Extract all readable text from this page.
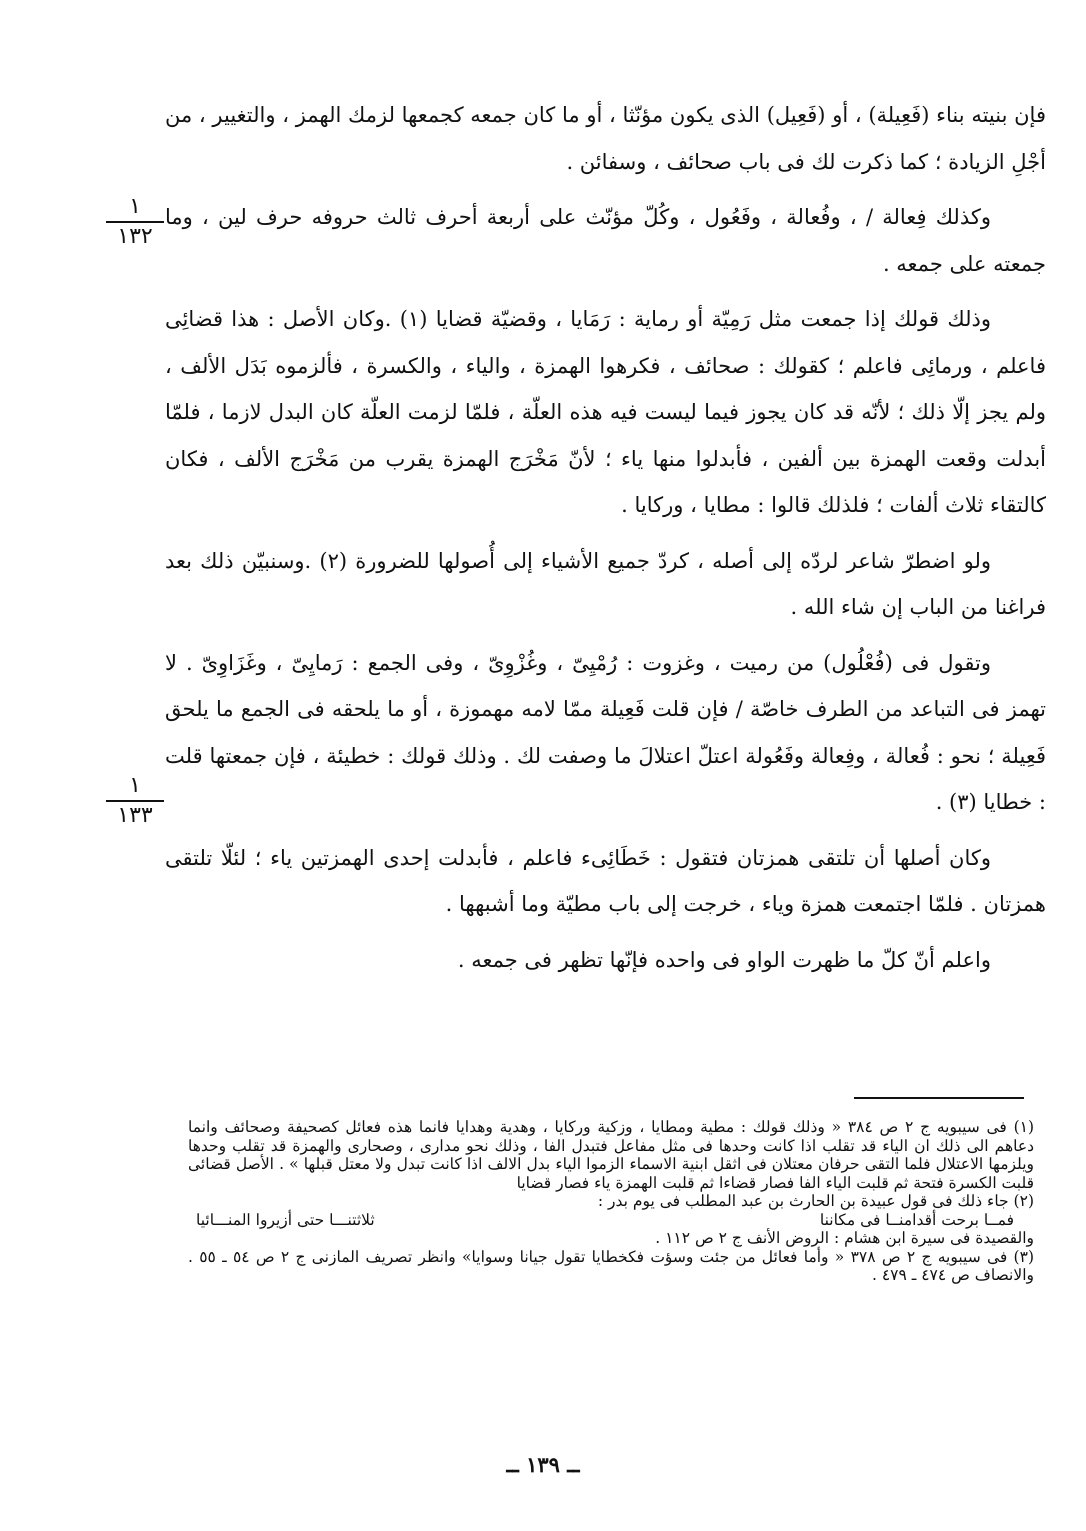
فإن بنيته بناء (فَعِيلة) ، أو (فَعِيل) الذى يكون مؤنّثا ، أو ما كان جمعه كجمعها لزمك الهمز ، والتغيير ، من أجْلِ الزيادة ؛ كما ذكرت لك فى باب صحائف ، وسفائن .

وكذلك فِعالة / ، وفُعالة ، وفَعُول ، وكُلّ مؤنّث على أربعة أحرف ثالث حروفه حرف لين ، وما جمعته على جمعه .

وذلك قولك إذا جمعت مثل رَمِيّة أو رماية : رَمَايا ، وقضيّة قضايا (١) .وكان الأصل : هذا قضائِى فاعلم ، ورمائِى فاعلم ؛ كقولك : صحائف ، فكرهوا الهمزة ، والياء ، والكسرة ، فألزموه بَدَل الألف ، ولم يجز إلّا ذلك ؛ لأنّه قد كان يجوز فيما ليست فيه هذه العلّة ، فلمّا لزمت العلّة كان البدل لازما ، فلمّا أبدلت وقعت الهمزة بين ألفين ، فأبدلوا منها ياء ؛ لأنّ مَخْرَج الهمزة يقرب من مَخْرَج الألف ، فكان كالتقاء ثلاث ألفات ؛ فلذلك قالوا : مطايا ، وركايا .

ولو اضطرّ شاعر لردّه إلى أصله ، كردّ جميع الأشياء إلى أُصولها للضرورة (٢) .وسنبيّن ذلك بعد فراغنا من الباب إن شاء الله .

وتقول فى (فُعْلُول) من رميت ، وغزوت : رُمْيِىّ ، وغُزْوِىّ ، وفى الجمع : رَمايِىّ ، وغَزَاوِىّ . لا تهمز فى التباعد من الطرف خاصّة / فإن قلت فَعِيلة ممّا لامه مهموزة ، أو ما يلحقه فى الجمع ما يلحق فَعِيلة ؛ نحو : فُعالة ، وفِعالة وفَعُولة اعتلّ اعتلالَ ما وصفت لك . وذلك قولك : خطيئة ، فإن جمعتها قلت : خطايا (٣) .

وكان أصلها أن تلتقى همزتان فتقول : خَطَائِىء فاعلم ، فأبدلت إحدى الهمزتين ياء ؛ لئلّا تلتقى همزتان . فلمّا اجتمعت همزة وياء ، خرجت إلى باب مطيّة وما أشبهها .

واعلم أنّ كلّ ما ظهرت الواو فى واحده فإنّها تظهر فى جمعه .

١
١٣٢
١
١٣٣

(١) فى سيبويه ج ٢ ص ٣٨٤ « وذلك قولك : مطية ومطايا ، وزكية وركايا ، وهدية وهدايا فانما هذه فعائل كصحيفة وصحائف وانما دعاهم الى ذلك ان الياء قد تقلب اذا كانت وحدها فى مثل مفاعل فتبدل الفا ، وذلك نحو مدارى ، وصحارى والهمزة قد تقلب وحدها ويلزمها الاعتلال فلما التقى حرفان معتلان فى اثقل ابنية الاسماء الزموا الياء بدل الالف اذا كانت تبدل ولا معتل قبلها » . الأصل قضائى قلبت الكسرة فتحة ثم قلبت الياء الفا فصار قضاءا ثم قلبت الهمزة ياء فصار قضايا

(٢) جاء ذلك فى قول عبيدة بن الحارث بن عبد المطلب فى يوم بدر :

فمــا برحت أقدامنــا فى مكاننا
ثلاثتنـــا حتى أزيروا المنـــائيا

والقصيدة فى سيرة ابن هشام : الروض الأنف ج ٢ ص ١١٢ .

(٣) فى سيبويه ج ٢ ص ٣٧٨ « وأما فعائل من جئت وسؤت فكخطايا تقول جيانا وسوايا» وانظر تصريف المازنى ج ٢ ص ٥٤ ـ ٥٥ . والانصاف ص ٤٧٤ ـ ٤٧٩ .

ــ ١٣٩ ــ
